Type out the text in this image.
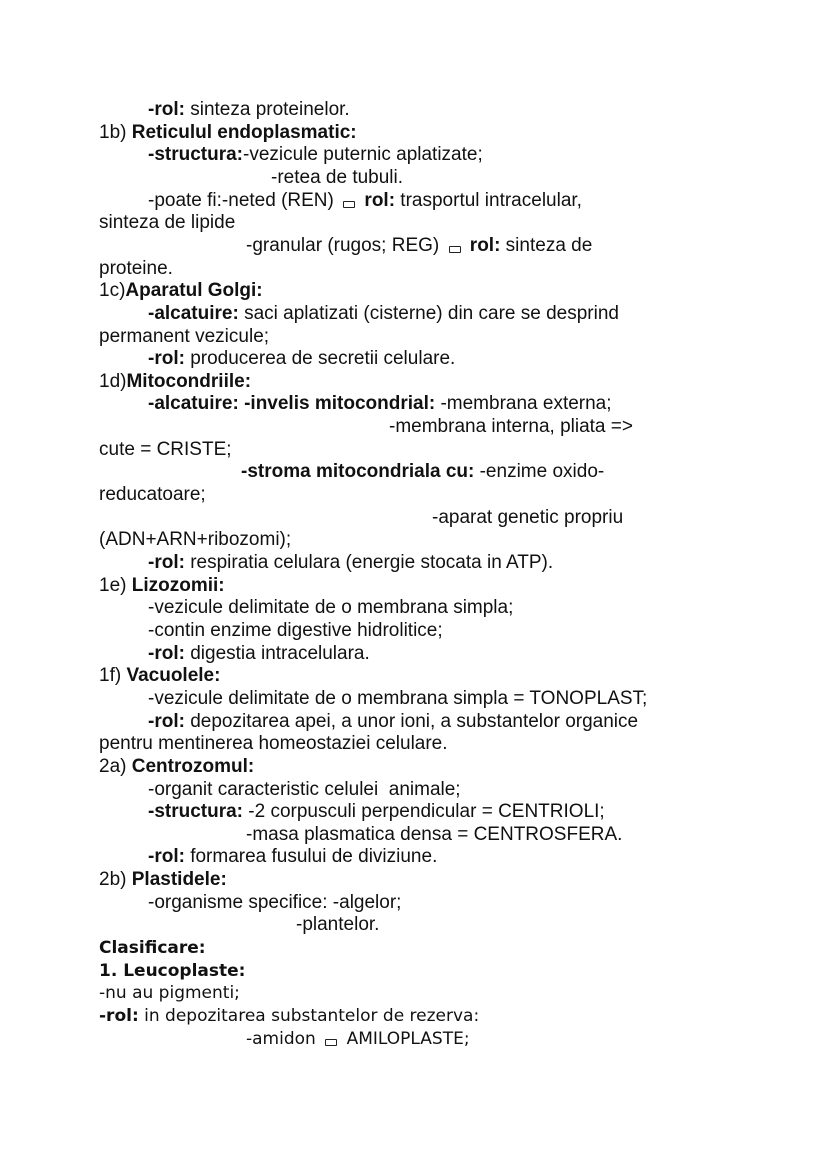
-rol: sinteza proteinelor.
1b) Reticulul endoplasmatic:
-structura:-vezicule puternic aplatizate;
-retea de tubuli.
-poate fi:-neted (REN)  rol: trasportul intracelular,
sinteza de lipide
-granular (rugos; REG)  rol: sinteza de
proteine.
1c)Aparatul Golgi:
-alcatuire: saci aplatizati (cisterne) din care se desprind
permanent vezicule;
-rol: producerea de secretii celulare.
1d)Mitocondriile:
-alcatuire: -invelis mitocondrial: -membrana externa;
-membrana interna, pliata =>
cute = CRISTE;
-stroma mitocondriala cu: -enzime oxido-
reducatoare;
-aparat genetic propriu
(ADN+ARN+ribozomi);
-rol: respiratia celulara (energie stocata in ATP).
1e) Lizozomii:
-vezicule delimitate de o membrana simpla;
-contin enzime digestive hidrolitice;
-rol: digestia intracelulara.
1f) Vacuolele:
-vezicule delimitate de o membrana simpla = TONOPLAST;
-rol: depozitarea apei, a unor ioni, a substantelor organice
pentru mentinerea homeostaziei celulare.
2a) Centrozomul:
-organit caracteristic celulei  animale;
-structura: -2 corpusculi perpendicular = CENTRIOLI;
-masa plasmatica densa = CENTROSFERA.
-rol: formarea fusului de diviziune.
2b) Plastidele:
-organisme specifice: -algelor;
-plantelor.
Clasificare:
1. Leucoplaste:
-nu au pigmenti;
-rol: in depozitarea substantelor de rezerva:
-amidon  AMILOPLASTE;
